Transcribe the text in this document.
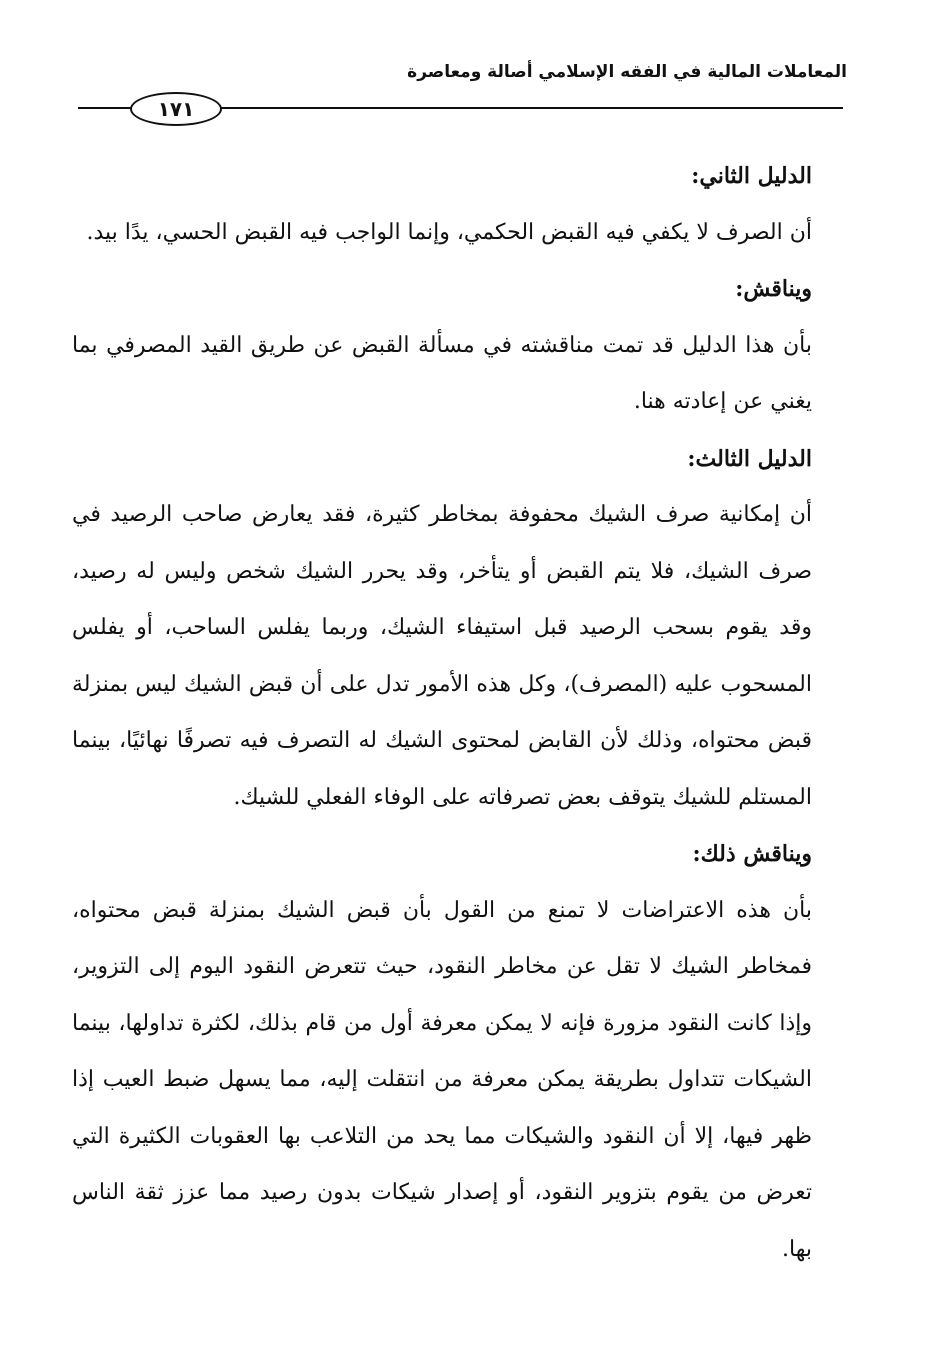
المعاملات المالية في الفقه الإسلامي أصالة ومعاصرة
١٧١

الدليل الثاني:

أن الصرف لا يكفي فيه القبض الحكمي، وإنما الواجب فيه القبض الحسي، يدًا بيد.

ويناقش:

بأن هذا الدليل قد تمت مناقشته في مسألة القبض عن طريق القيد المصرفي بما يغني عن إعادته هنا.

الدليل الثالث:

أن إمكانية صرف الشيك محفوفة بمخاطر كثيرة، فقد يعارض صاحب الرصيد في صرف الشيك، فلا يتم القبض أو يتأخر، وقد يحرر الشيك شخص وليس له رصيد، وقد يقوم بسحب الرصيد قبل استيفاء الشيك، وربما يفلس الساحب، أو يفلس المسحوب عليه (المصرف)، وكل هذه الأمور تدل على أن قبض الشيك ليس بمنزلة قبض محتواه، وذلك لأن القابض لمحتوى الشيك له التصرف فيه تصرفًا نهائيًا، بينما المستلم للشيك يتوقف بعض تصرفاته على الوفاء الفعلي للشيك.

ويناقش ذلك:

بأن هذه الاعتراضات لا تمنع من القول بأن قبض الشيك بمنزلة قبض محتواه، فمخاطر الشيك لا تقل عن مخاطر النقود، حيث تتعرض النقود اليوم إلى التزوير، وإذا كانت النقود مزورة فإنه لا يمكن معرفة أول من قام بذلك، لكثرة تداولها، بينما الشيكات تتداول بطريقة يمكن معرفة من انتقلت إليه، مما يسهل ضبط العيب إذا ظهر فيها، إلا أن النقود والشيكات مما يحد من التلاعب بها العقوبات الكثيرة التي تعرض من يقوم بتزوير النقود، أو إصدار شيكات بدون رصيد مما عزز ثقة الناس بها.
